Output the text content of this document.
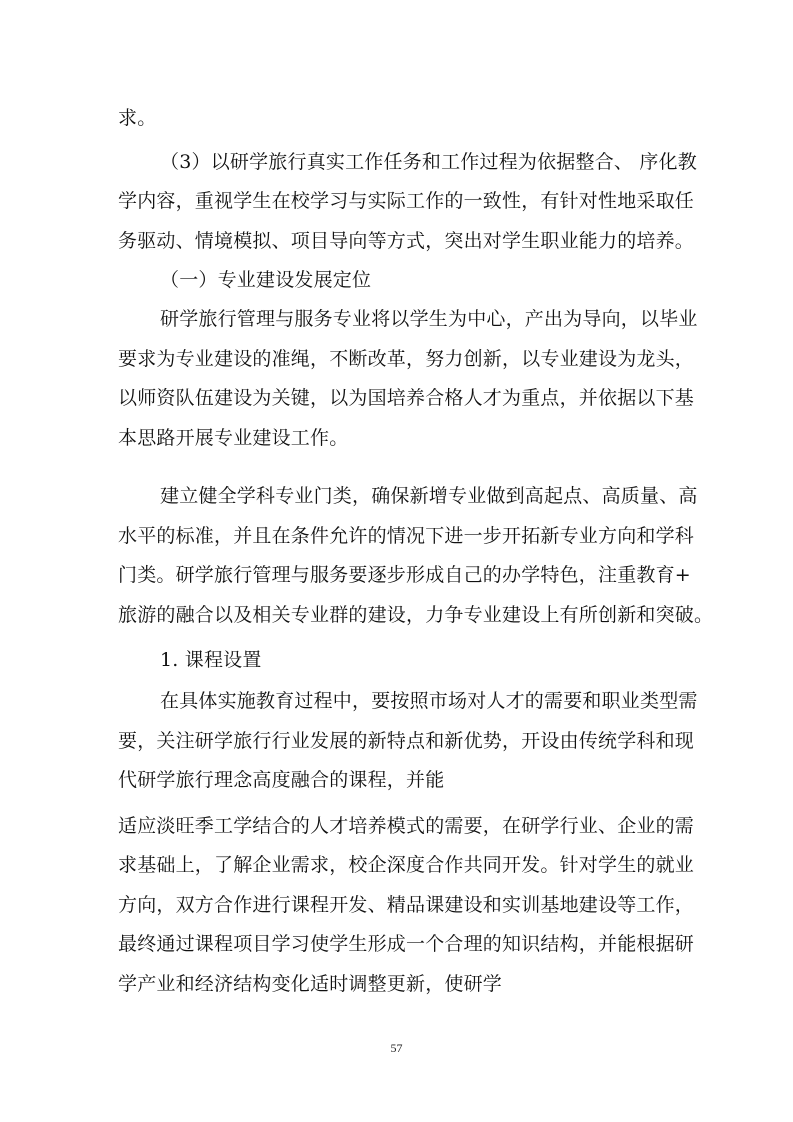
求。
（3）以研学旅行真实工作任务和工作过程为依据整合、 序化教
学内容，重视学生在校学习与实际工作的一致性，有针对性地采取任
务驱动、情境模拟、项目导向等方式，突出对学生职业能力的培养。
（一）专业建设发展定位
研学旅行管理与服务专业将以学生为中心，产出为导向，以毕业
要求为专业建设的准绳，不断改革，努力创新，以专业建设为龙头，
以师资队伍建设为关键，以为国培养合格人才为重点，并依据以下基
本思路开展专业建设工作。
建立健全学科专业门类，确保新增专业做到高起点、高质量、高
水平的标准，并且在条件允许的情况下进一步开拓新专业方向和学科
门类。研学旅行管理与服务要逐步形成自己的办学特色，注重教育+
旅游的融合以及相关专业群的建设，力争专业建设上有所创新和突破。
1. 课程设置
在具体实施教育过程中，要按照市场对人才的需要和职业类型需
要，关注研学旅行行业发展的新特点和新优势，开设由传统学科和现
代研学旅行理念高度融合的课程，并能
适应淡旺季工学结合的人才培养模式的需要，在研学行业、企业的需
求基础上，了解企业需求，校企深度合作共同开发。针对学生的就业
方向，双方合作进行课程开发、精品课建设和实训基地建设等工作，
最终通过课程项目学习使学生形成一个合理的知识结构，并能根据研
学产业和经济结构变化适时调整更新，使研学
57
